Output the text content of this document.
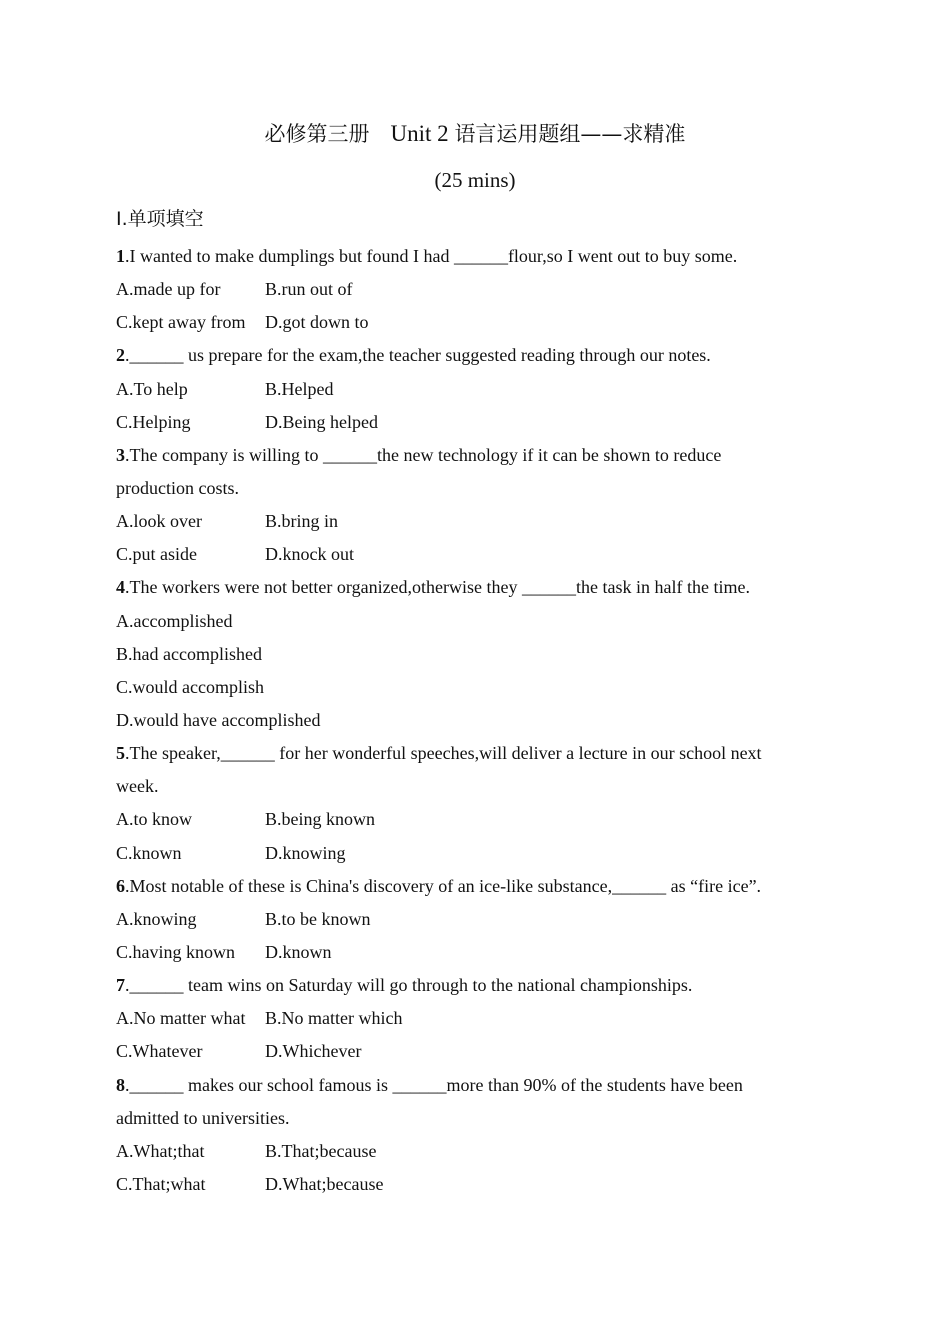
必修第三册　Unit 2 语言运用题组——求精准
(25 mins)
Ⅰ.单项填空
1.I wanted to make dumplings but found I had ______flour,so I went out to buy some.
A.made up for B.run out of
C.kept away from D.got down to
2.______ us prepare for the exam,the teacher suggested reading through our notes.
A.To help	B.Helped
C.Helping	D.Being helped
3.The company is willing to ______the new technology if it can be shown to reduce
production costs.
A.look over	B.bring in
C.put aside	D.knock out
4.The workers were not better organized,otherwise they ______the task in half the time.
A.accomplished
B.had accomplished
C.would accomplish
D.would have accomplished
5.The speaker,______ for her wonderful speeches,will deliver a lecture in our school next
week.
A.to know	B.being known
C.known	D.knowing
6.Most notable of these is China's discovery of an ice-like substance,______ as “fire ice”.
A.knowing	B.to be known
C.having known D.known
7.______ team wins on Saturday will go through to the national championships.
A.No matter what B.No matter which
C.Whatever	D.Whichever
8.______ makes our school famous is ______more than 90% of the students have been
admitted to universities.
A.What;that	B.That;because
C.That;what	D.What;because
